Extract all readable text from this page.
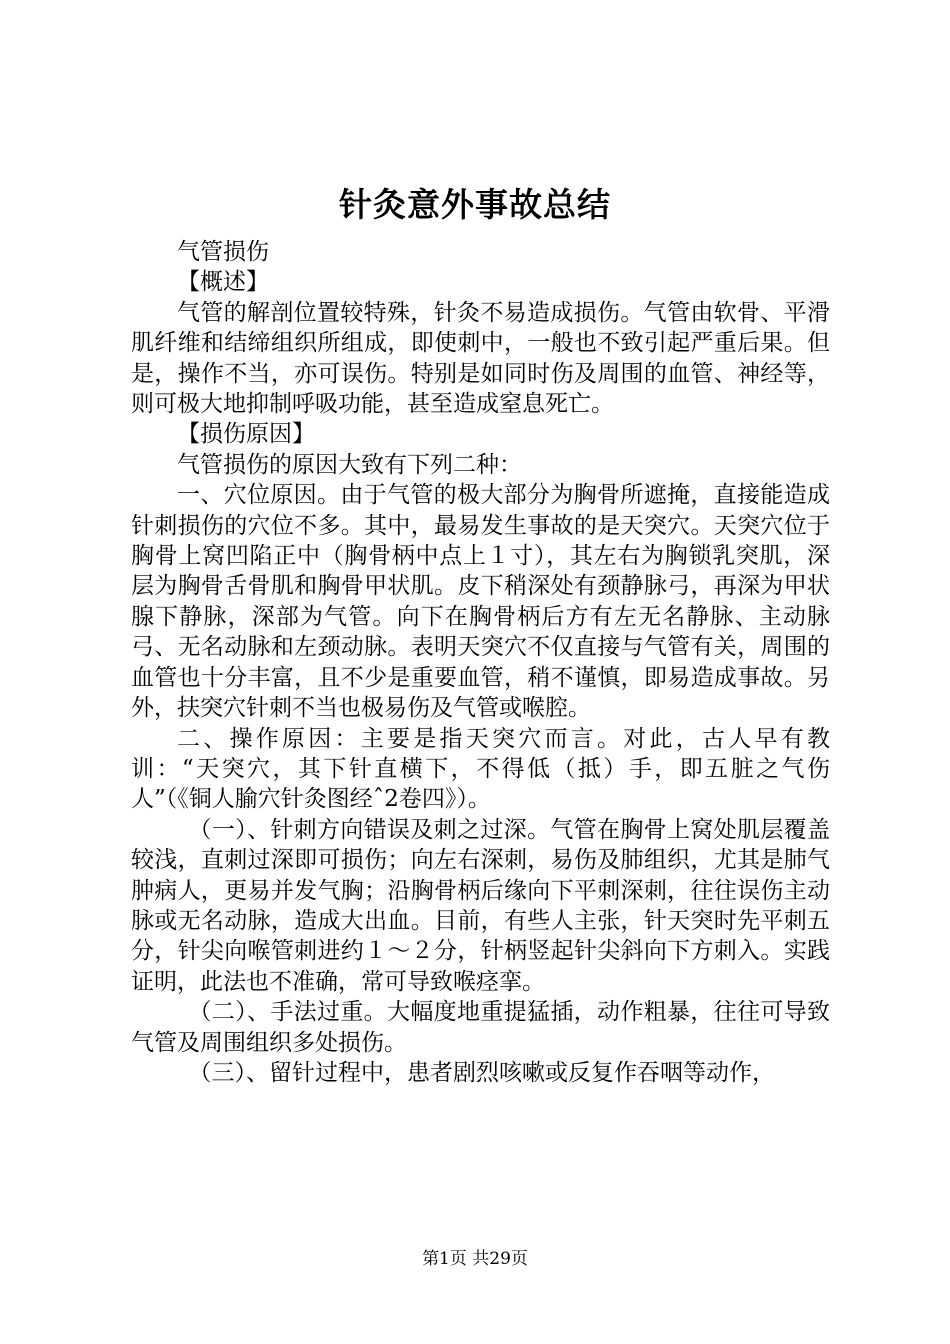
针灸意外事故总结

气管损伤

【概述】

气管的解剖位置较特殊，针灸不易造成损伤。气管由软骨、平滑肌纤维和结缔组织所组成，即使刺中，一般也不致引起严重后果。但是，操作不当，亦可误伤。特别是如同时伤及周围的血管、神经等，则可极大地抑制呼吸功能，甚至造成窒息死亡。

【损伤原因】

气管损伤的原因大致有下列二种：

一、穴位原因。由于气管的极大部分为胸骨所遮掩，直接能造成针刺损伤的穴位不多。其中，最易发生事故的是天突穴。天突穴位于胸骨上窝凹陷正中（胸骨柄中点上１寸），其左右为胸锁乳突肌，深层为胸骨舌骨肌和胸骨甲状肌。皮下稍深处有颈静脉弓，再深为甲状腺下静脉，深部为气管。向下在胸骨柄后方有左无名静脉、主动脉弓、无名动脉和左颈动脉。表明天突穴不仅直接与气管有关，周围的血管也十分丰富，且不少是重要血管，稍不谨慎，即易造成事故。另外，扶突穴针刺不当也极易伤及气管或喉腔。

二、操作原因：主要是指天突穴而言。对此，古人早有教训：“天突穴，其下针直横下，不得低（抵）手，即五脏之气伤人”（《铜人腧穴针灸图经ˆ2卷四》）。

（一）、针刺方向错误及刺之过深。气管在胸骨上窝处肌层覆盖较浅，直刺过深即可损伤；向左右深刺，易伤及肺组织，尤其是肺气肿病人，更易并发气胸；沿胸骨柄后缘向下平刺深刺，往往误伤主动脉或无名动脉，造成大出血。目前，有些人主张，针天突时先平刺五分，针尖向喉管刺进约１～２分，针柄竖起针尖斜向下方刺入。实践证明，此法也不准确，常可导致喉痉挛。

（二）、手法过重。大幅度地重提猛插，动作粗暴，往往可导致气管及周围组织多处损伤。

（三）、留针过程中，患者剧烈咳嗽或反复作吞咽等动作，

第1页 共29页
